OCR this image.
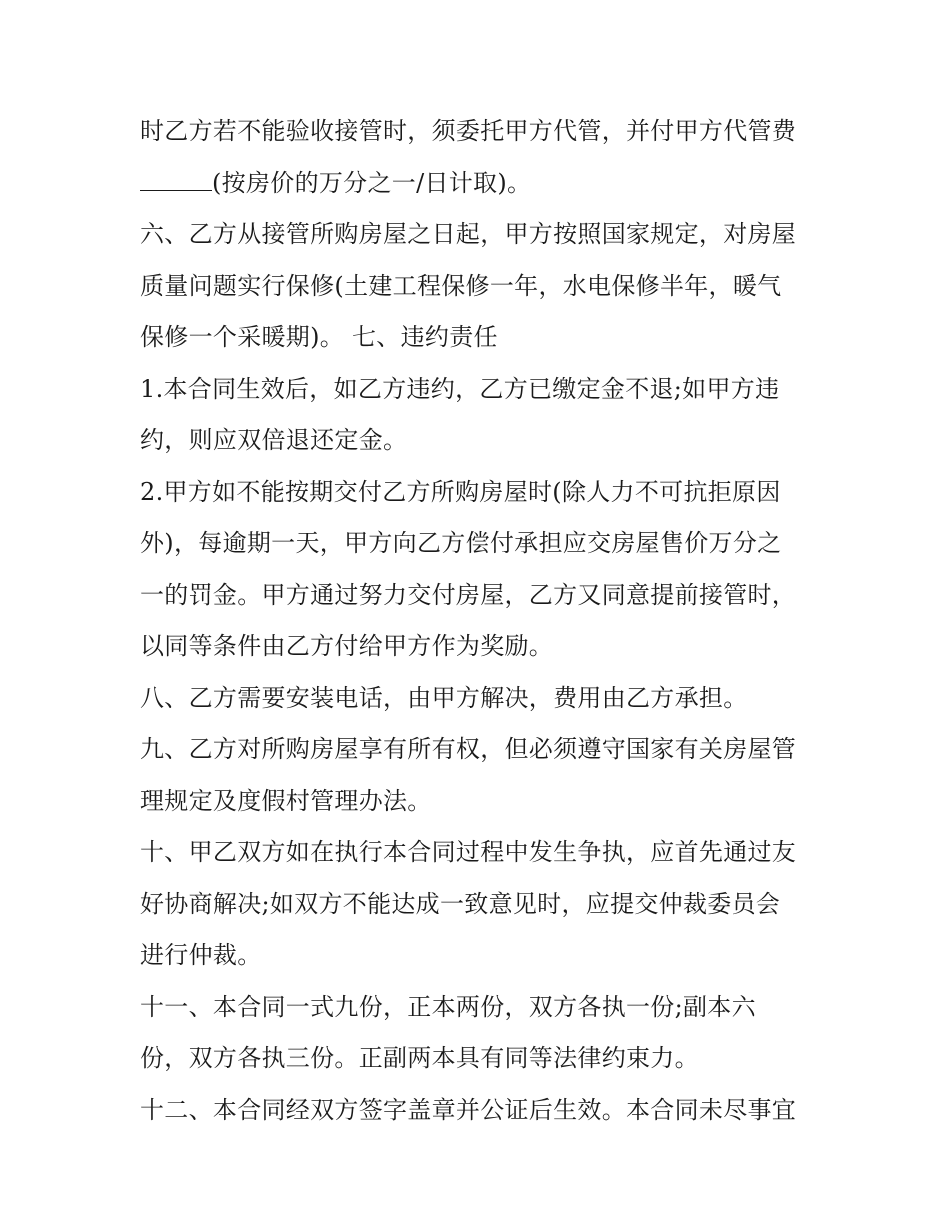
时乙方若不能验收接管时，须委托甲方代管，并付甲方代管费
(按房价的万分之一/日计取)。
六、乙方从接管所购房屋之日起，甲方按照国家规定，对房屋
质量问题实行保修(土建工程保修一年，水电保修半年，暖气
保修一个采暖期)。 七、违约责任
1.本合同生效后，如乙方违约，乙方已缴定金不退;如甲方违
约，则应双倍退还定金。
2.甲方如不能按期交付乙方所购房屋时(除人力不可抗拒原因
外)，每逾期一天，甲方向乙方偿付承担应交房屋售价万分之
一的罚金。甲方通过努力交付房屋，乙方又同意提前接管时，
以同等条件由乙方付给甲方作为奖励。
八、乙方需要安装电话，由甲方解决，费用由乙方承担。
九、乙方对所购房屋享有所有权，但必须遵守国家有关房屋管
理规定及度假村管理办法。
十、甲乙双方如在执行本合同过程中发生争执，应首先通过友
好协商解决;如双方不能达成一致意见时，应提交仲裁委员会
进行仲裁。
十一、本合同一式九份，正本两份，双方各执一份;副本六
份，双方各执三份。正副两本具有同等法律约束力。
十二、本合同经双方签字盖章并公证后生效。本合同未尽事宜
